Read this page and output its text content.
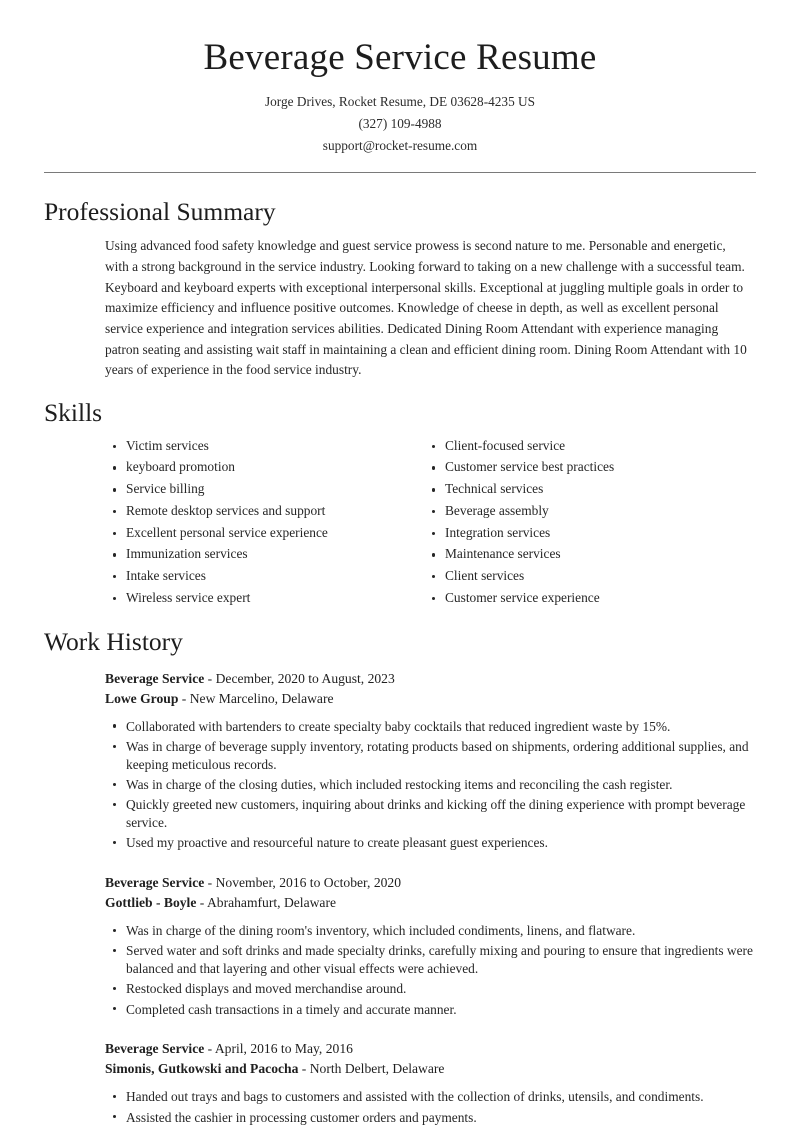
Beverage Service Resume
Jorge Drives, Rocket Resume, DE 03628-4235 US
(327) 109-4988
support@rocket-resume.com
Professional Summary

Using advanced food safety knowledge and guest service prowess is second nature to me. Personable and energetic, with a strong background in the service industry. Looking forward to taking on a new challenge with a successful team. Keyboard and keyboard experts with exceptional interpersonal skills. Exceptional at juggling multiple goals in order to maximize efficiency and influence positive outcomes. Knowledge of cheese in depth, as well as excellent personal service experience and integration services abilities. Dedicated Dining Room Attendant with experience managing patron seating and assisting wait staff in maintaining a clean and efficient dining room. Dining Room Attendant with 10 years of experience in the food service industry.

Skills
Victim services
keyboard promotion
Service billing
Remote desktop services and support
Excellent personal service experience
Immunization services
Intake services
Wireless service expert
Client-focused service
Customer service best practices
Technical services
Beverage assembly
Integration services
Maintenance services
Client services
Customer service experience
Work History
Beverage Service - December, 2020 to August, 2023
Lowe Group - New Marcelino, Delaware
Collaborated with bartenders to create specialty baby cocktails that reduced ingredient waste by 15%.
Was in charge of beverage supply inventory, rotating products based on shipments, ordering additional supplies, and keeping meticulous records.
Was in charge of the closing duties, which included restocking items and reconciling the cash register.
Quickly greeted new customers, inquiring about drinks and kicking off the dining experience with prompt beverage service.
Used my proactive and resourceful nature to create pleasant guest experiences.
Beverage Service - November, 2016 to October, 2020
Gottlieb - Boyle - Abrahamfurt, Delaware
Was in charge of the dining room's inventory, which included condiments, linens, and flatware.
Served water and soft drinks and made specialty drinks, carefully mixing and pouring to ensure that ingredients were balanced and that layering and other visual effects were achieved.
Restocked displays and moved merchandise around.
Completed cash transactions in a timely and accurate manner.
Beverage Service - April, 2016 to May, 2016
Simonis, Gutkowski and Pacocha - North Delbert, Delaware
Handed out trays and bags to customers and assisted with the collection of drinks, utensils, and condiments.
Assisted the cashier in processing customer orders and payments.
